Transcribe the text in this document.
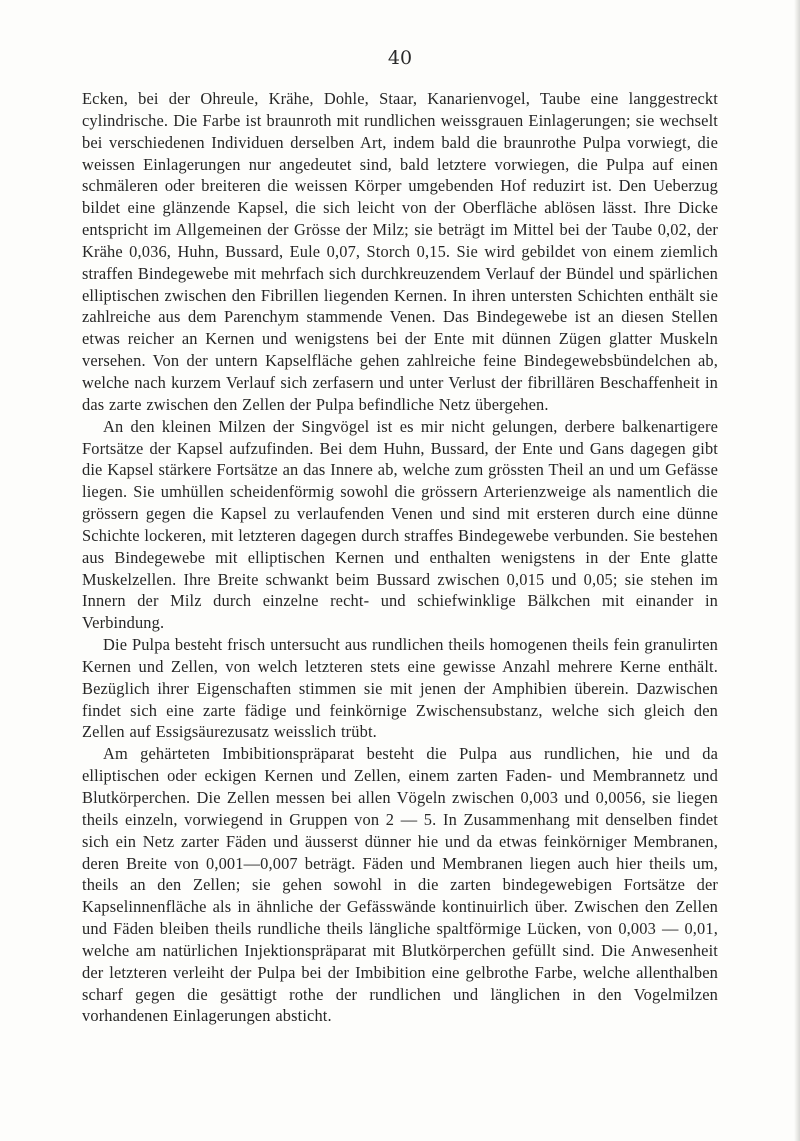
40

Ecken, bei der Ohreule, Krähe, Dohle, Staar, Kanarienvogel, Taube eine langgestreckt cylindrische. Die Farbe ist braunroth mit rundlichen weissgrauen Einlagerungen; sie wechselt bei verschiedenen Individuen derselben Art, indem bald die braunrothe Pulpa vorwiegt, die weissen Einlagerungen nur angedeutet sind, bald letztere vorwiegen, die Pulpa auf einen schmäleren oder breiteren die weissen Körper umgebenden Hof reduzirt ist. Den Ueberzug bildet eine glänzende Kapsel, die sich leicht von der Oberfläche ablösen lässt. Ihre Dicke entspricht im Allgemeinen der Grösse der Milz; sie beträgt im Mittel bei der Taube 0,02, der Krähe 0,036, Huhn, Bussard, Eule 0,07, Storch 0,15. Sie wird gebildet von einem ziemlich straffen Bindegewebe mit mehrfach sich durchkreuzendem Verlauf der Bündel und spärlichen elliptischen zwischen den Fibrillen liegenden Kernen. In ihren untersten Schichten enthält sie zahlreiche aus dem Parenchym stammende Venen. Das Bindegewebe ist an diesen Stellen etwas reicher an Kernen und wenigstens bei der Ente mit dünnen Zügen glatter Muskeln versehen. Von der untern Kapselfläche gehen zahlreiche feine Bindegewebsbündelchen ab, welche nach kurzem Verlauf sich zerfasern und unter Verlust der fibrillären Beschaffenheit in das zarte zwischen den Zellen der Pulpa befindliche Netz übergehen.

An den kleinen Milzen der Singvögel ist es mir nicht gelungen, derbere balkenartigere Fortsätze der Kapsel aufzufinden. Bei dem Huhn, Bussard, der Ente und Gans dagegen gibt die Kapsel stärkere Fortsätze an das Innere ab, welche zum grössten Theil an und um Gefässe liegen. Sie umhüllen scheidenförmig sowohl die grössern Arterienzweige als namentlich die grössern gegen die Kapsel zu verlaufenden Venen und sind mit ersteren durch eine dünne Schichte lockeren, mit letzteren dagegen durch straffes Bindegewebe verbunden. Sie bestehen aus Bindegewebe mit elliptischen Kernen und enthalten wenigstens in der Ente glatte Muskelzellen. Ihre Breite schwankt beim Bussard zwischen 0,015 und 0,05; sie stehen im Innern der Milz durch einzelne recht- und schiefwinklige Bälkchen mit einander in Verbindung.

Die Pulpa besteht frisch untersucht aus rundlichen theils homogenen theils fein granulirten Kernen und Zellen, von welch letzteren stets eine gewisse Anzahl mehrere Kerne enthält. Bezüglich ihrer Eigenschaften stimmen sie mit jenen der Amphibien überein. Dazwischen findet sich eine zarte fädige und feinkörnige Zwischensubstanz, welche sich gleich den Zellen auf Essigsäurezusatz weisslich trübt.

Am gehärteten Imbibitionspräparat besteht die Pulpa aus rundlichen, hie und da elliptischen oder eckigen Kernen und Zellen, einem zarten Faden- und Membrannetz und Blutkörperchen. Die Zellen messen bei allen Vögeln zwischen 0,003 und 0,0056, sie liegen theils einzeln, vorwiegend in Gruppen von 2 — 5. In Zusammenhang mit denselben findet sich ein Netz zarter Fäden und äusserst dünner hie und da etwas feinkörniger Membranen, deren Breite von 0,001—0,007 beträgt. Fäden und Membranen liegen auch hier theils um, theils an den Zellen; sie gehen sowohl in die zarten bindegewebigen Fortsätze der Kapselinnenfläche als in ähnliche der Gefässwände kontinuirlich über. Zwischen den Zellen und Fäden bleiben theils rundliche theils längliche spaltförmige Lücken, von 0,003 — 0,01, welche am natürlichen Injektionspräparat mit Blutkörperchen gefüllt sind. Die Anwesenheit der letzteren verleiht der Pulpa bei der Imbibition eine gelbrothe Farbe, welche allenthalben scharf gegen die gesättigt rothe der rundlichen und länglichen in den Vogelmilzen vorhandenen Einlagerungen absticht.
